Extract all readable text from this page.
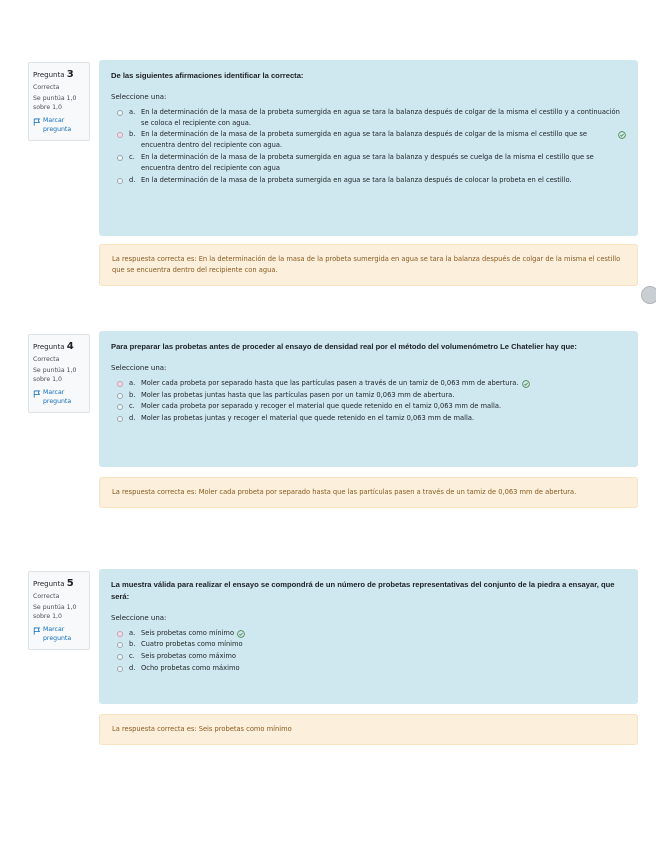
Pregunta 3
Correcta
Se puntúa 1,0 sobre 1,0
Marcar pregunta
De las siguientes afirmaciones identificar la correcta:
Seleccione una:
a. En la determinación de la masa de la probeta sumergida en agua se tara la balanza después de colgar de la misma el cestillo y a continuación se coloca el recipiente con agua.
b. En la determinación de la masa de la probeta sumergida en agua se tara la balanza después de colgar de la misma el cestillo que se encuentra dentro del recipiente con agua.
c. En la determinación de la masa de la probeta sumergida en agua se tara la balanza y después se cuelga de la misma el cestillo que se encuentra dentro del recipiente con agua
d. En la determinación de la masa de la probeta sumergida en agua se tara la balanza después de colocar la probeta en el cestillo.
La respuesta correcta es: En la determinación de la masa de la probeta sumergida en agua se tara la balanza después de colgar de la misma el cestillo que se encuentra dentro del recipiente con agua.
Pregunta 4
Correcta
Se puntúa 1,0 sobre 1,0
Marcar pregunta
Para preparar las probetas antes de proceder al ensayo de densidad real por el método del volumenómetro Le Chatelier hay que:
Seleccione una:
a. Moler cada probeta por separado hasta que las partículas pasen a través de un tamiz de 0,063 mm de abertura.
b. Moler las probetas juntas hasta que las partículas pasen por un tamiz 0,063 mm de abertura.
c. Moler cada probeta por separado y recoger el material que quede retenido en el tamiz 0,063 mm de malla.
d. Moler las probetas juntas y recoger el material que quede retenido en el tamiz 0,063 mm de malla.
La respuesta correcta es: Moler cada probeta por separado hasta que las partículas pasen a través de un tamiz de 0,063 mm de abertura.
Pregunta 5
Correcta
Se puntúa 1,0 sobre 1,0
Marcar pregunta
La muestra válida para realizar el ensayo se compondrá de un número de probetas representativas del conjunto de la piedra a ensayar, que será:
Seleccione una:
a. Seis probetas como mínimo
b. Cuatro probetas como mínimo
c. Seis probetas como máximo
d. Ocho probetas como máximo
La respuesta correcta es: Seis probetas como mínimo
